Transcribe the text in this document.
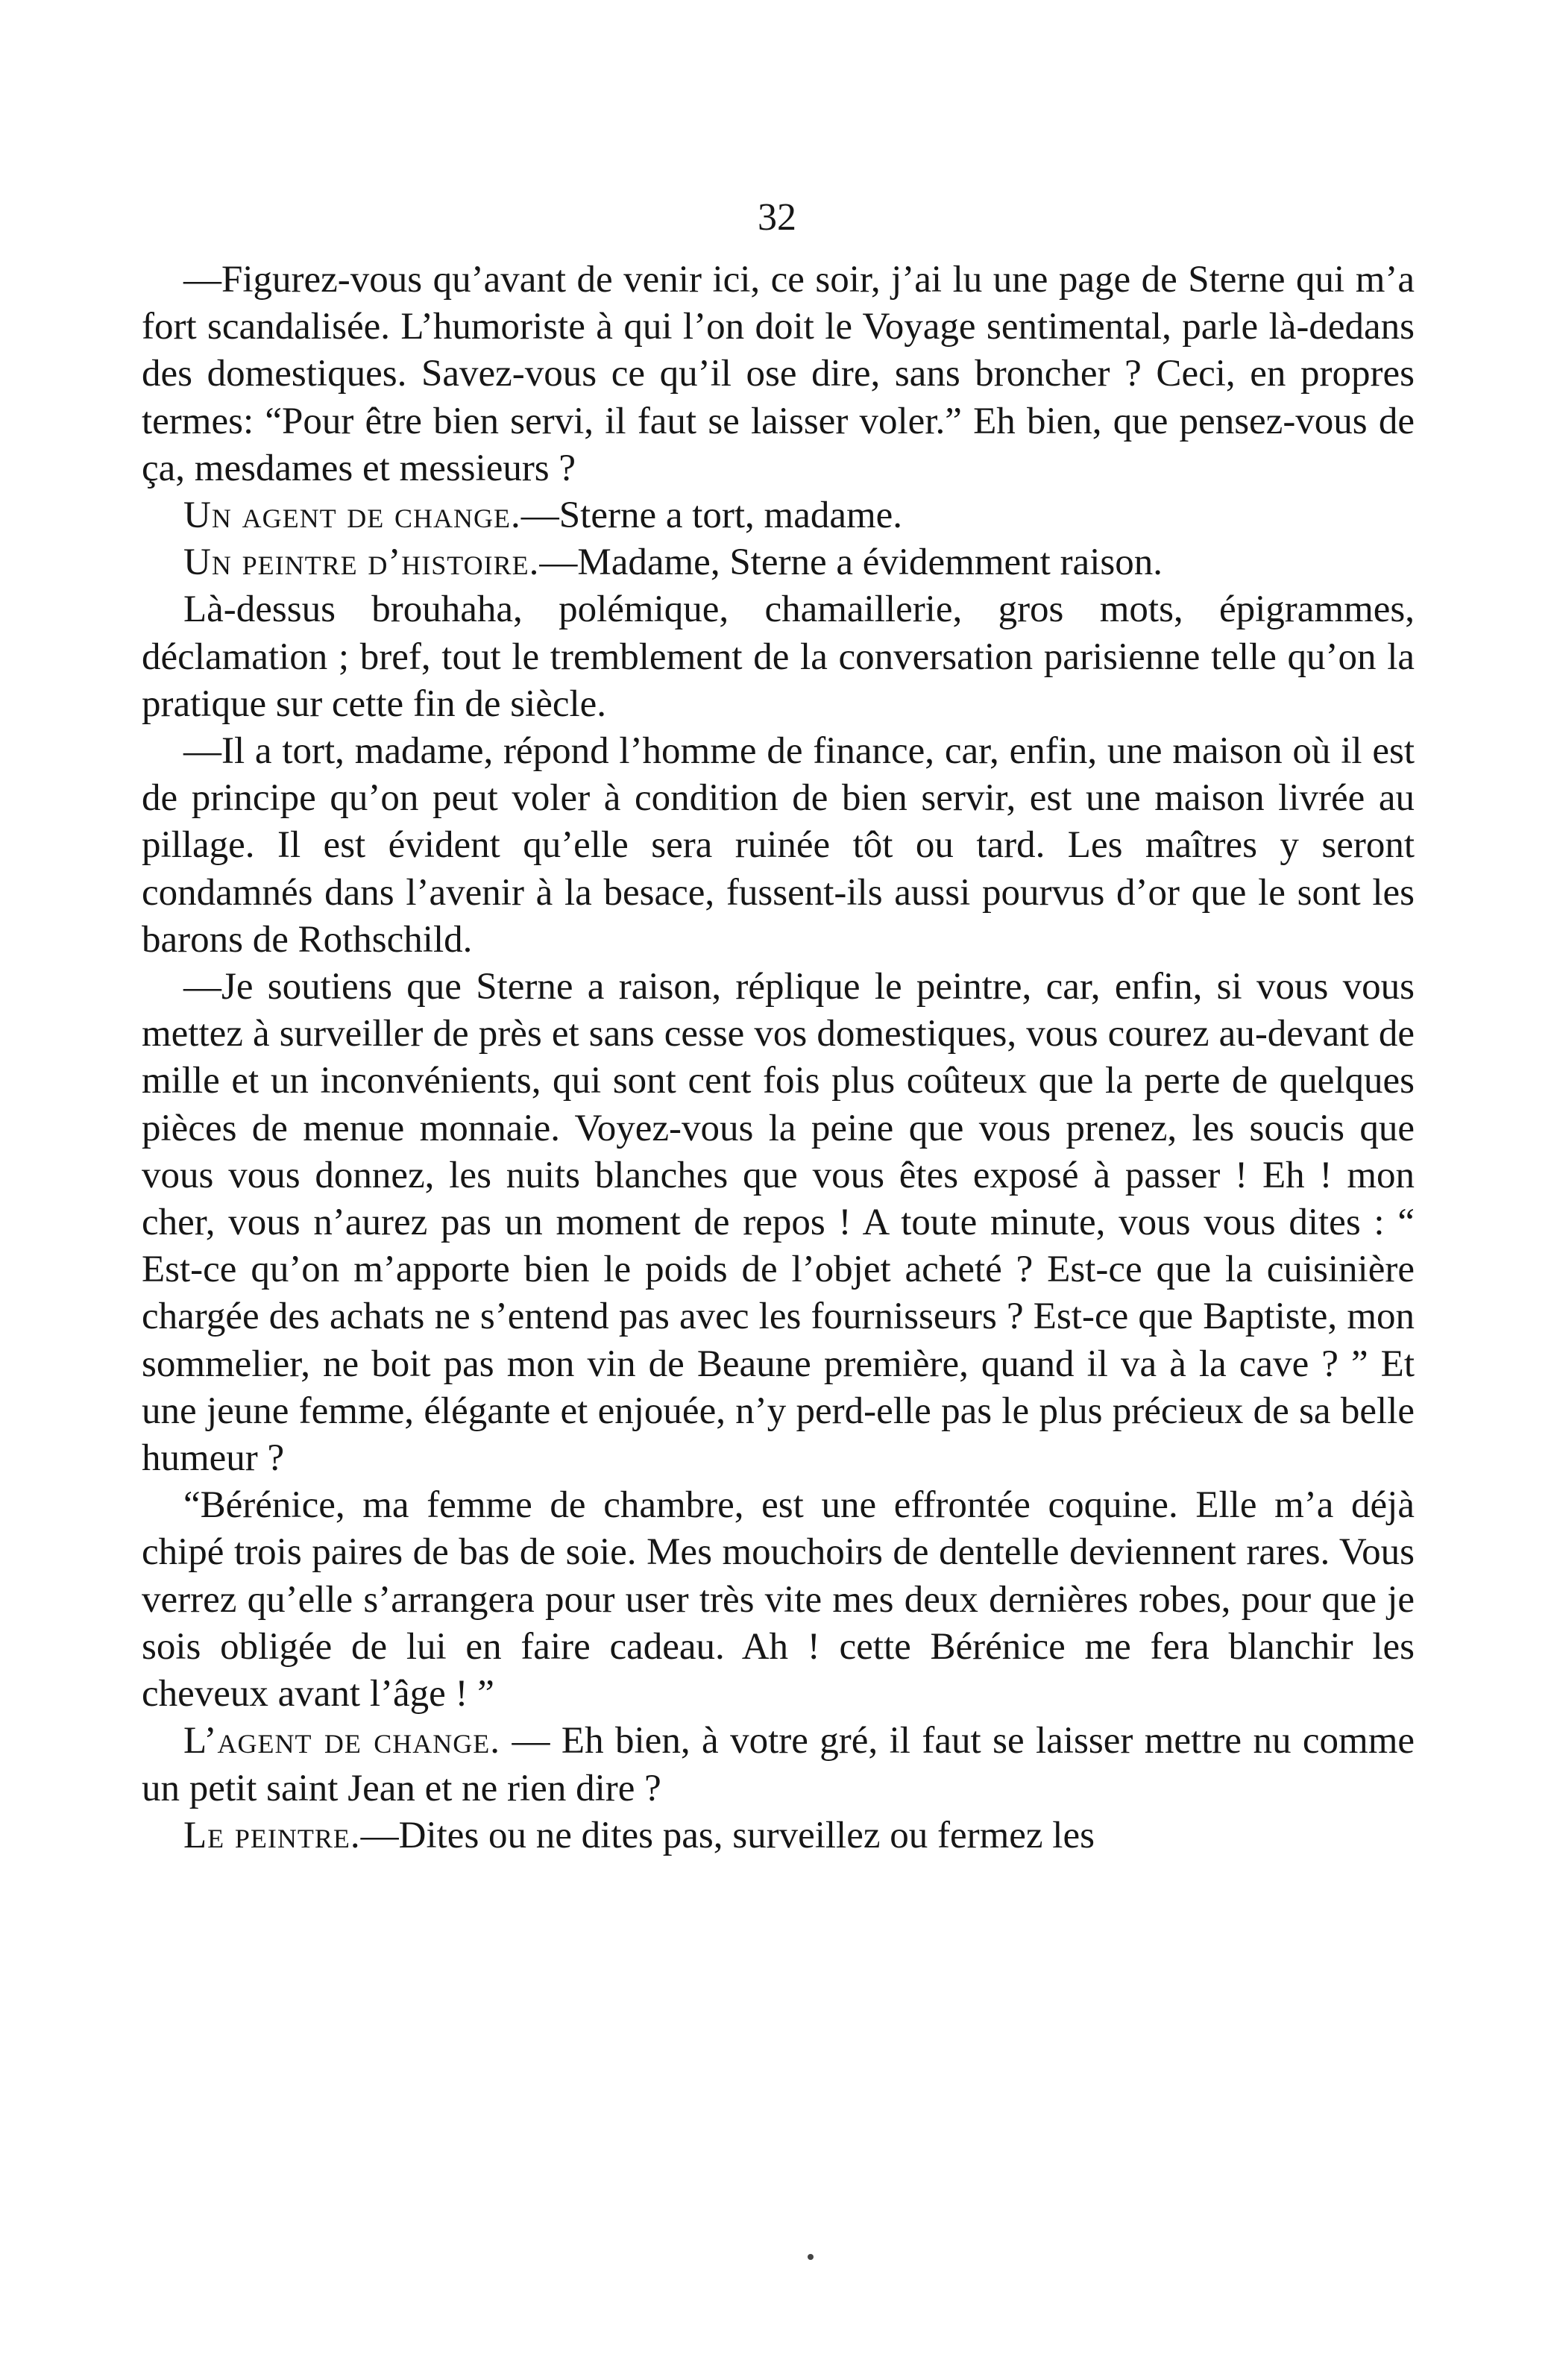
32

—Figurez-vous qu’avant de venir ici, ce soir, j’ai lu une page de Sterne qui m’a fort scandalisée. L’humoriste à qui l’on doit le Voyage sentimental, parle là-dedans des domestiques. Savez-vous ce qu’il ose dire, sans broncher ? Ceci, en propres termes: “Pour être bien servi, il faut se laisser voler.” Eh bien, que pensez-vous de ça, mesdames et messieurs ?

Un agent de change.—Sterne a tort, madame.

Un peintre d’histoire.—Madame, Sterne a évidemment raison.

Là-dessus brouhaha, polémique, chamaillerie, gros mots, épigrammes, déclamation ; bref, tout le tremblement de la conversation parisienne telle qu’on la pratique sur cette fin de siècle.

—Il a tort, madame, répond l’homme de finance, car, enfin, une maison où il est de principe qu’on peut voler à condition de bien servir, est une maison livrée au pillage. Il est évident qu’elle sera ruinée tôt ou tard. Les maîtres y seront condamnés dans l’avenir à la besace, fussent-ils aussi pourvus d’or que le sont les barons de Rothschild.

—Je soutiens que Sterne a raison, réplique le peintre, car, enfin, si vous vous mettez à surveiller de près et sans cesse vos domestiques, vous courez au-devant de mille et un inconvénients, qui sont cent fois plus coûteux que la perte de quelques pièces de menue monnaie. Voyez-vous la peine que vous prenez, les soucis que vous vous donnez, les nuits blanches que vous êtes exposé à passer ! Eh ! mon cher, vous n’aurez pas un moment de repos ! A toute minute, vous vous dites : “ Est-ce qu’on m’apporte bien le poids de l’objet acheté ? Est-ce que la cuisinière chargée des achats ne s’entend pas avec les fournisseurs ? Est-ce que Baptiste, mon sommelier, ne boit pas mon vin de Beaune première, quand il va à la cave ? ” Et une jeune femme, élégante et enjouée, n’y perd-elle pas le plus précieux de sa belle humeur ?

“Bérénice, ma femme de chambre, est une effrontée coquine. Elle m’a déjà chipé trois paires de bas de soie. Mes mouchoirs de dentelle deviennent rares. Vous verrez qu’elle s’arrangera pour user très vite mes deux dernières robes, pour que je sois obligée de lui en faire cadeau. Ah ! cette Bérénice me fera blanchir les cheveux avant l’âge ! ”

L’agent de change. — Eh bien, à votre gré, il faut se laisser mettre nu comme un petit saint Jean et ne rien dire ?

Le peintre.—Dites ou ne dites pas, surveillez ou fermez les
